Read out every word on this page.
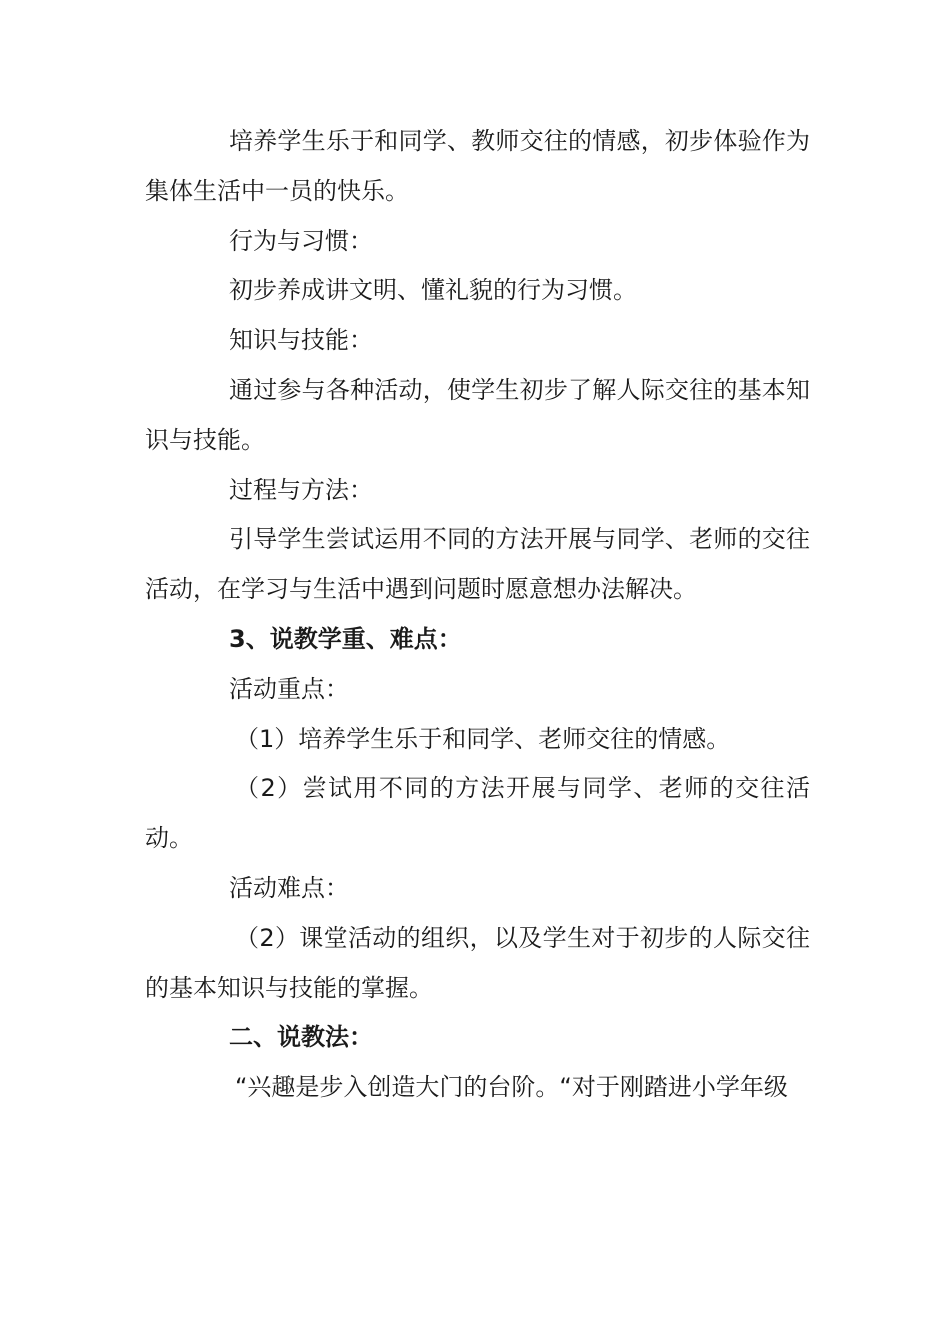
培养学生乐于和同学、教师交往的情感，初步体验作为集体生活中一员的快乐。

行为与习惯：

初步养成讲文明、懂礼貌的行为习惯。

知识与技能：

通过参与各种活动，使学生初步了解人际交往的基本知识与技能。

过程与方法：

引导学生尝试运用不同的方法开展与同学、老师的交往活动，在学习与生活中遇到问题时愿意想办法解决。

3、说教学重、难点：

活动重点：

（1）培养学生乐于和同学、老师交往的情感。

（2）尝试用不同的方法开展与同学、老师的交往活动。

活动难点：

（2）课堂活动的组织，以及学生对于初步的人际交往的基本知识与技能的掌握。

二、说教法：

“兴趣是步入创造大门的台阶。“对于刚踏进小学年级
